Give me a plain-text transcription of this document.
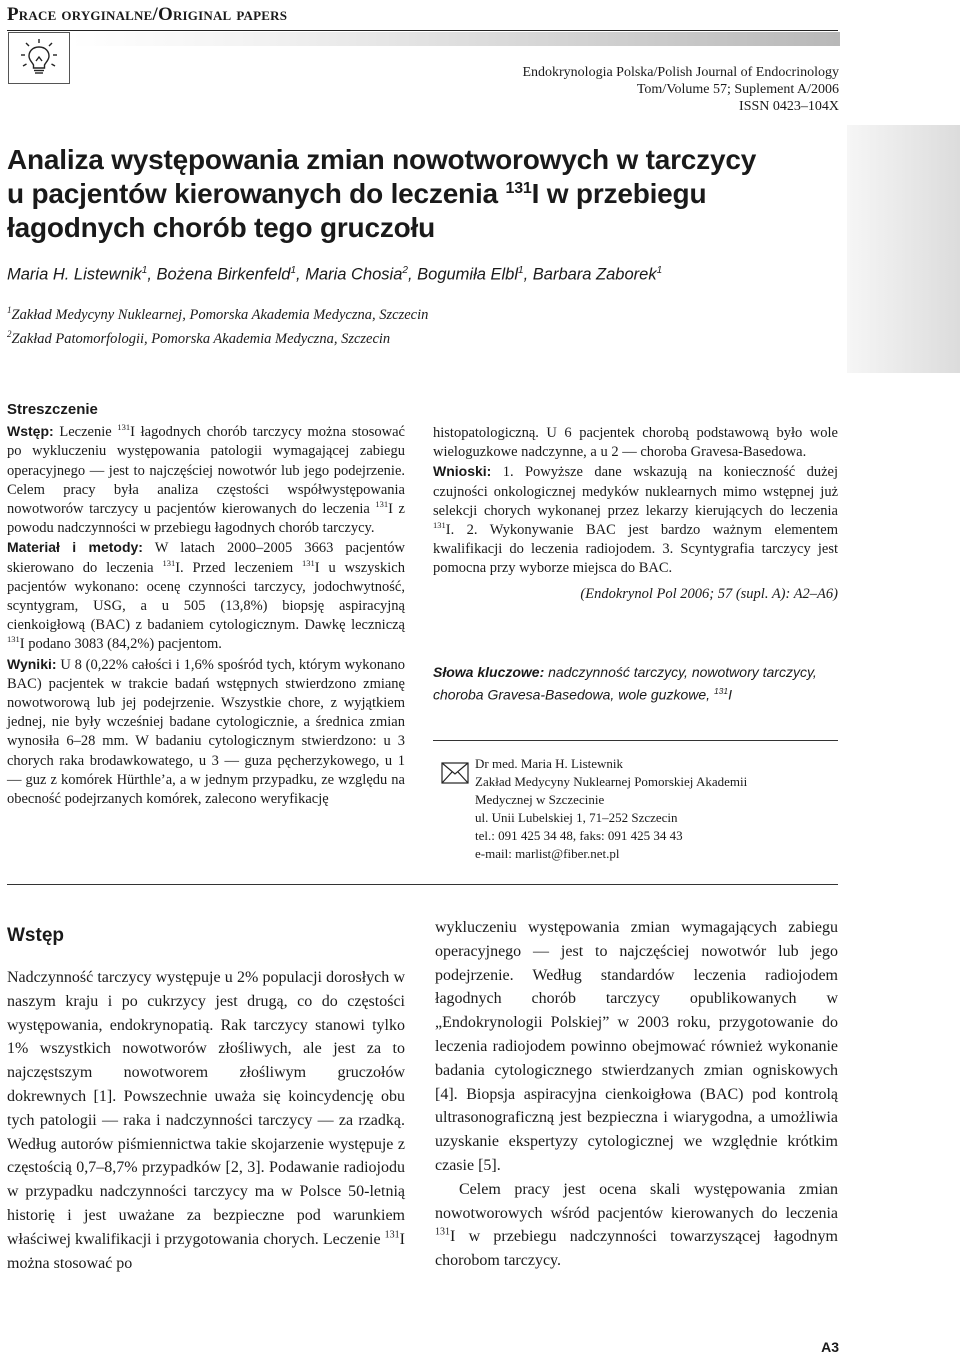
Prace oryginalne/Original papers
Endokrynologia Polska/Polish Journal of Endocrinology
Tom/Volume 57; Suplement A/2006
ISSN 0423–104X
Analiza występowania zmian nowotworowych w tarczycy
u pacjentów kierowanych do leczenia $^{131}$I w przebiegu
łagodnych chorób tego gruczołu
Maria H. Listewnik$^1$, Bożena Birkenfeld$^1$, Maria Chosia$^2$, Bogumiła Elbl$^1$, Barbara Zaborek$^1$
$^1$Zakład Medycyny Nuklearnej, Pomorska Akademia Medyczna, Szczecin
$^2$Zakład Patomorfologii, Pomorska Akademia Medyczna, Szczecin
Streszczenie

Wstęp: Leczenie $^{131}$I łagodnych chorób tarczycy można stosować po wykluczeniu występowania patologii wymagającej zabiegu operacyjnego — jest to najczęściej nowotwór lub jego podejrzenie. Celem pracy była analiza częstości współwystępowania nowotworów tarczycy u pacjentów kierowanych do leczenia $^{131}$I z powodu nadczynności w przebiegu łagodnych chorób tarczycy.

Materiał i metody: W latach 2000–2005 3663 pacjentów skierowano do leczenia $^{131}$I. Przed leczeniem $^{131}$I u wszyskich pacjentów wykonano: ocenę czynności tarczycy, jodochwytność, scyntygram, USG, a u 505 (13,8%) biopsję aspiracyjną cienkoigłową (BAC) z badaniem cytologicznym. Dawkę leczniczą $^{131}$I podano 3083 (84,2%) pacjentom.

Wyniki: U 8 (0,22% całości i 1,6% spośród tych, którym wykonano BAC) pacjentek w trakcie badań wstępnych stwierdzono zmianę nowotworową lub jej podejrzenie. Wszystkie chore, z wyjątkiem jednej, nie były wcześniej badane cytologicznie, a średnica zmian wynosiła 6–28 mm. W badaniu cytologicznym stwierdzono: u 3 chorych raka brodawkowatego, u 3 — guza pęcherzykowego, u 1 — guz z komórek Hürthle’a, a w jednym przypadku, ze względu na obecność podejrzanych komórek, zalecono weryfikację

histopatologiczną. U 6 pacjentek chorobą podstawową było wole wieloguzkowe nadczynne, a u 2 — choroba Gravesa-Basedowa.

Wnioski: 1. Powyższe dane wskazują na konieczność dużej czujności onkologicznej medyków nuklearnych mimo wstępnej już selekcji chorych wykonanej przez lekarzy kierujących do leczenia $^{131}$I. 2. Wykonywanie BAC jest bardzo ważnym elementem kwalifikacji do leczenia radiojodem. 3. Scyntygrafia tarczycy jest pomocna przy wyborze miejsca do BAC.

(Endokrynol Pol 2006; 57 (supl. A): A2–A6)
Słowa kluczowe: nadczynność tarczycy, nowotwory tarczycy, choroba Gravesa-Basedowa, wole guzkowe, $^{131}$I
Dr med. Maria H. Listewnik
Zakład Medycyny Nuklearnej Pomorskiej Akademii
Medycznej w Szczecinie
ul. Unii Lubelskiej 1, 71–252 Szczecin
tel.: 091 425 34 48, faks: 091 425 34 43
e-mail: marlist@fiber.net.pl
Wstęp

Nadczynność tarczycy występuje u 2% populacji dorosłych w naszym kraju i po cukrzycy jest drugą, co do częstości występowania, endokrynopatią. Rak tarczycy stanowi tylko 1% wszystkich nowotworów złośliwych, ale jest za to najczęstszym nowotworem złośliwym gruczołów dokrewnych [1]. Powszechnie uważa się koincydencję obu tych patologii — raka i nadczynności tarczycy — za rzadką. Według autorów piśmiennictwa takie skojarzenie występuje z częstością 0,7–8,7% przypadków [2, 3]. Podawanie radiojodu w przypadku nadczynności tarczycy ma w Polsce 50-letnią historię i jest uważane za bezpieczne pod warunkiem właściwej kwalifikacji i przygotowania chorych. Leczenie $^{131}$I można stosować po

wykluczeniu występowania zmian wymagających zabiegu operacyjnego — jest to najczęściej nowotwór lub jego podejrzenie. Według standardów leczenia radiojodem łagodnych chorób tarczycy opublikowanych w „Endokrynologii Polskiej” w 2003 roku, przygotowanie do leczenia radiojodem powinno obejmować również wykonanie badania cytologicznego stwierdzanych zmian ogniskowych [4]. Biopsja aspiracyjna cienkoigłowa (BAC) pod kontrolą ultrasonograficzną jest bezpieczna i wiarygodna, a umożliwia uzyskanie ekspertyzy cytologicznej we względnie krótkim czasie [5].

Celem pracy jest ocena skali występowania zmian nowotworowych wśród pacjentów kierowanych do leczenia $^{131}$I w przebiegu nadczynności towarzyszącej łagodnym chorobom tarczycy.

A3
